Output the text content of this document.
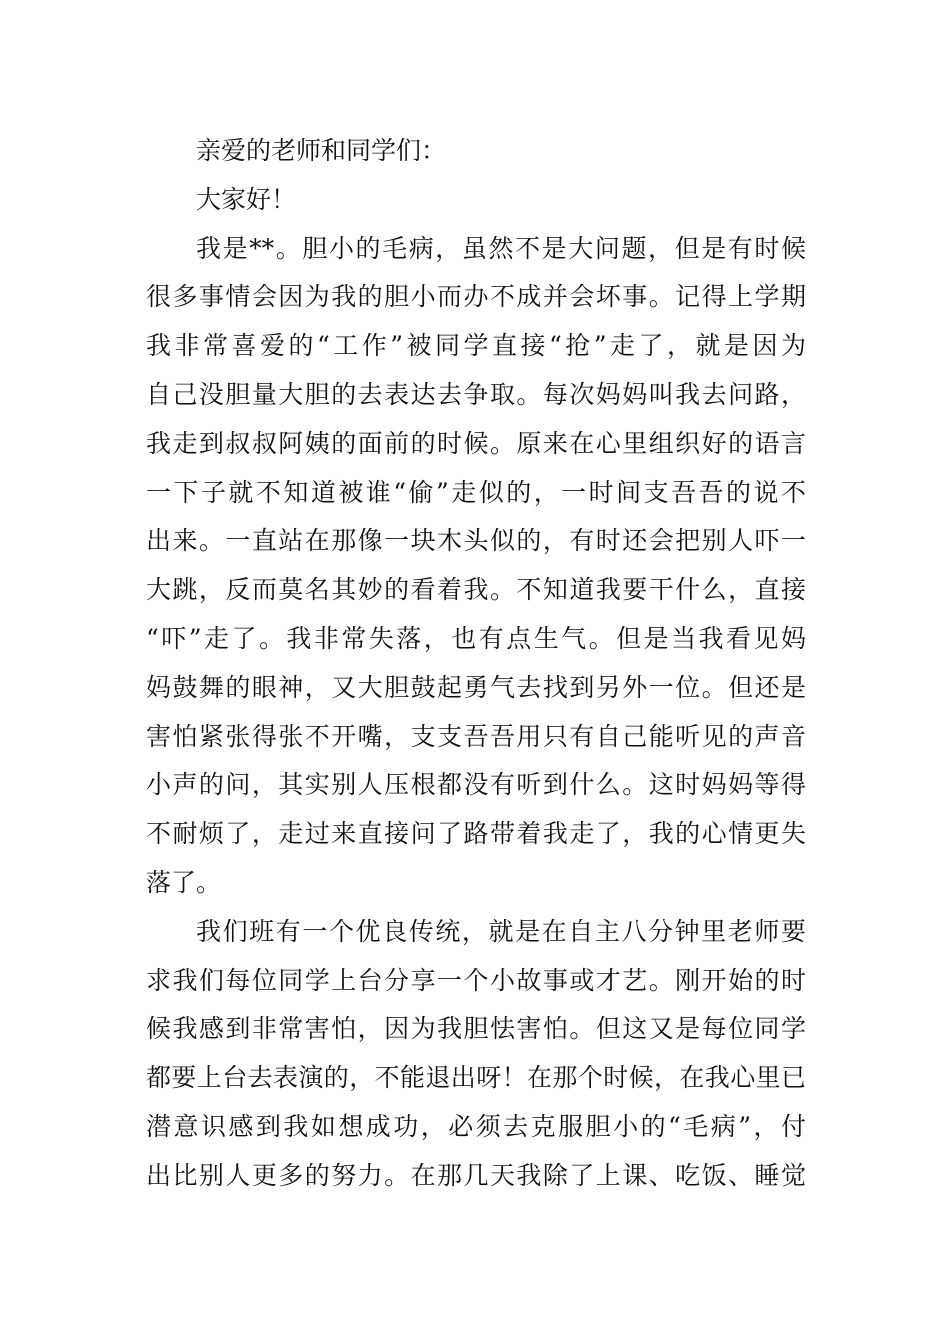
亲爱的老师和同学们：
大家好！
我是**。胆小的毛病，虽然不是大问题，但是有时候
很多事情会因为我的胆小而办不成并会坏事。记得上学期
我非常喜爱的“工作”被同学直接“抢”走了，就是因为
自己没胆量大胆的去表达去争取。每次妈妈叫我去问路，
我走到叔叔阿姨的面前的时候。原来在心里组织好的语言
一下子就不知道被谁“偷”走似的，一时间支吾吾的说不
出来。一直站在那像一块木头似的，有时还会把别人吓一
大跳，反而莫名其妙的看着我。不知道我要干什么，直接
“吓”走了。我非常失落，也有点生气。但是当我看见妈
妈鼓舞的眼神，又大胆鼓起勇气去找到另外一位。但还是
害怕紧张得张不开嘴，支支吾吾用只有自己能听见的声音
小声的问，其实别人压根都没有听到什么。这时妈妈等得
不耐烦了，走过来直接问了路带着我走了，我的心情更失
落了。
我们班有一个优良传统，就是在自主八分钟里老师要
求我们每位同学上台分享一个小故事或才艺。刚开始的时
候我感到非常害怕，因为我胆怯害怕。但这又是每位同学
都要上台去表演的，不能退出呀！在那个时候，在我心里已
潜意识感到我如想成功，必须去克服胆小的“毛病”，付
出比别人更多的努力。在那几天我除了上课、吃饭、睡觉
